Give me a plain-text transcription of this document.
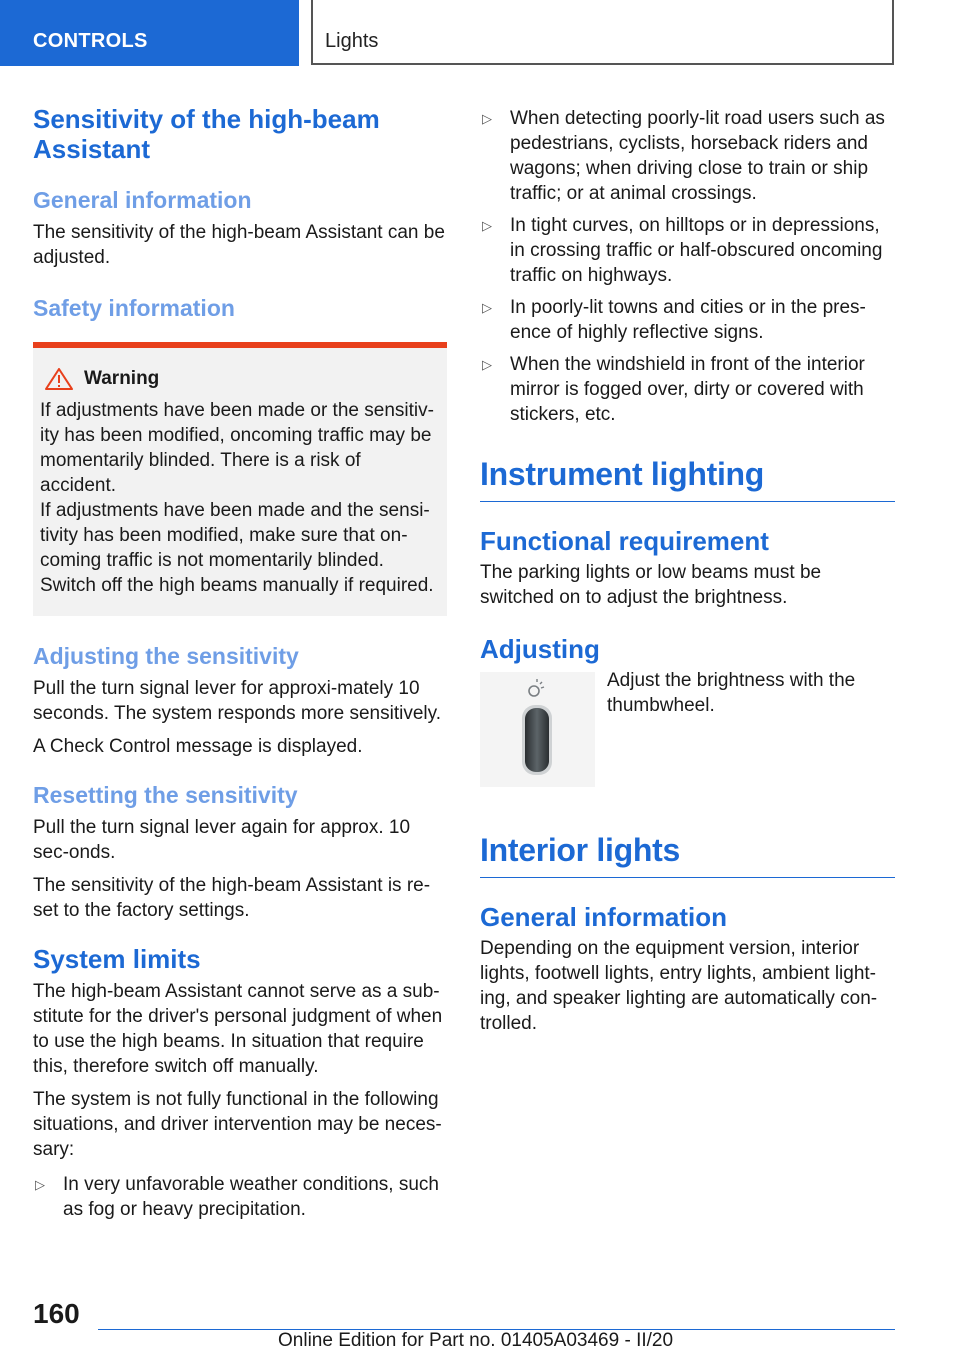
CONTROLS	Lights
Sensitivity of the high-beam Assistant
General information

The sensitivity of the high-beam Assistant can be adjusted.

Safety information
Warning

If adjustments have been made or the sensitiv-ity has been modified, oncoming traffic may be momentarily blinded. There is a risk of accident.

If adjustments have been made and the sensi-tivity has been modified, make sure that on-coming traffic is not momentarily blinded. Switch off the high beams manually if required.

Adjusting the sensitivity

Pull the turn signal lever for approxi-mately 10 seconds. The system responds more sensitively.

A Check Control message is displayed.

Resetting the sensitivity

Pull the turn signal lever again for approx. 10 sec-onds.

The sensitivity of the high-beam Assistant is re-set to the factory settings.

System limits

The high-beam Assistant cannot serve as a sub-stitute for the driver's personal judgment of when to use the high beams. In situation that require this, therefore switch off manually.

The system is not fully functional in the following situations, and driver intervention may be neces-sary:

▷ In very unfavorable weather conditions, such as fog or heavy precipitation.
▷ When detecting poorly-lit road users such as pedestrians, cyclists, horseback riders and wagons; when driving close to train or ship traffic; or at animal crossings.
▷ In tight curves, on hilltops or in depressions, in crossing traffic or half-obscured oncoming traffic on highways.
▷ In poorly-lit towns and cities or in the pres-ence of highly reflective signs.
▷ When the windshield in front of the interior mirror is fogged over, dirty or covered with stickers, etc.
Instrument lighting
Functional requirement

The parking lights or low beams must be switched on to adjust the brightness.

Adjusting

Adjust the brightness with the thumbwheel.

Interior lights
General information

Depending on the equipment version, interior lights, footwell lights, entry lights, ambient light-ing, and speaker lighting are automatically con-trolled.

160
Online Edition for Part no. 01405A03469 - II/20
